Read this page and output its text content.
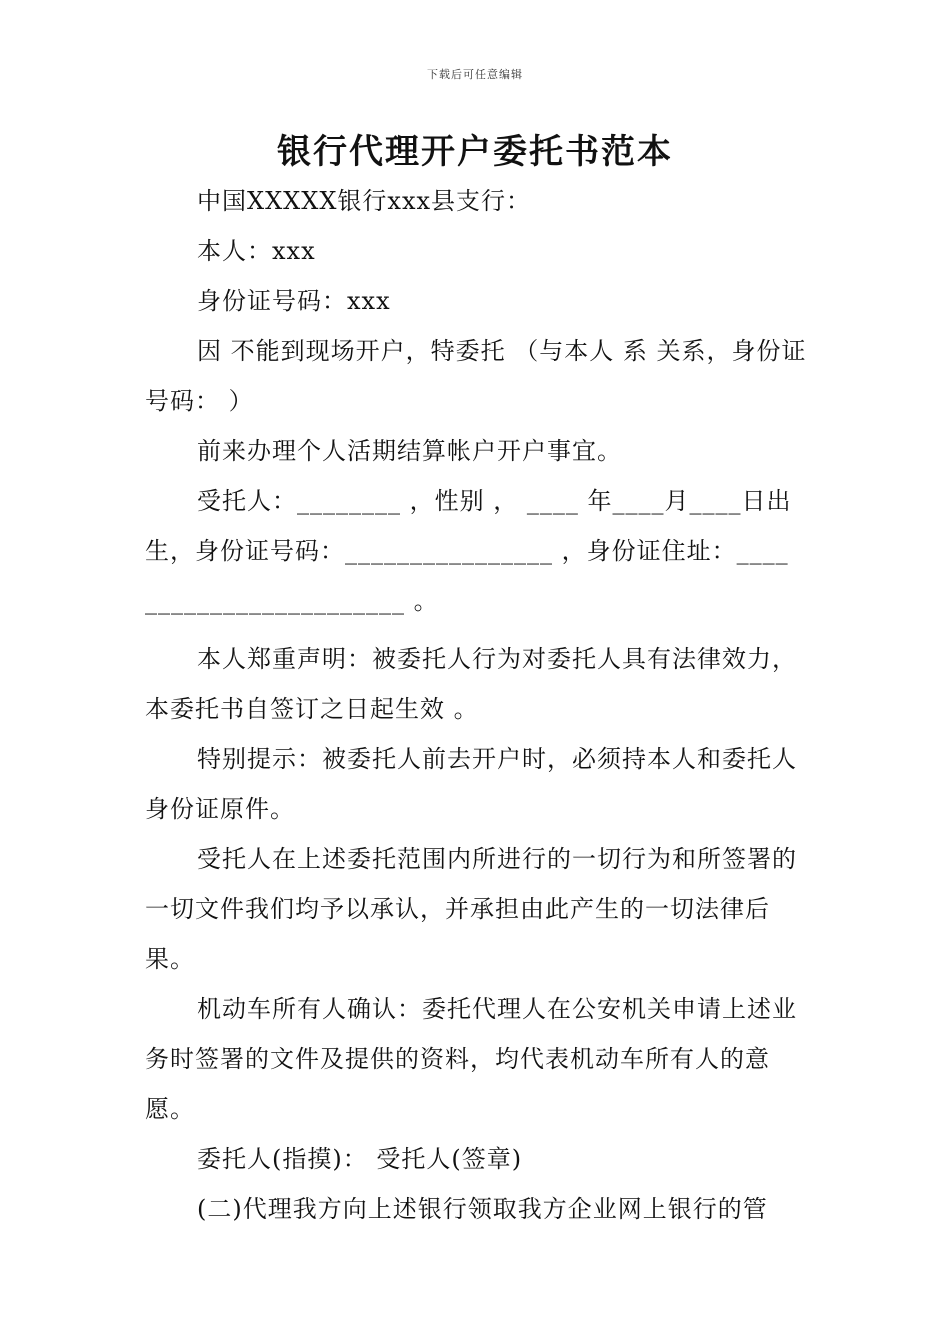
下载后可任意编辑
银行代理开户委托书范本

中国XXXXX银行xxx县支行：

本人：xxx

身份证号码：xxx

因 不能到现场开户，特委托 （与本人 系 关系，身份证号码： ）

前来办理个人活期结算帐户开户事宜。

受托人：________ ，性别 ， ____ 年____月____日出生，身份证号码：________________ ，身份证住址：____

____________________ 。

本人郑重声明：被委托人行为对委托人具有法律效力，本委托书自签订之日起生效 。

特别提示：被委托人前去开户时，必须持本人和委托人身份证原件。

受托人在上述委托范围内所进行的一切行为和所签署的一切文件我们均予以承认，并承担由此产生的一切法律后果。

机动车所有人确认：委托代理人在公安机关申请上述业务时签署的文件及提供的资料，均代表机动车所有人的意愿。

委托人(指摸)： 受托人(签章)

(二)代理我方向上述银行领取我方企业网上银行的管
